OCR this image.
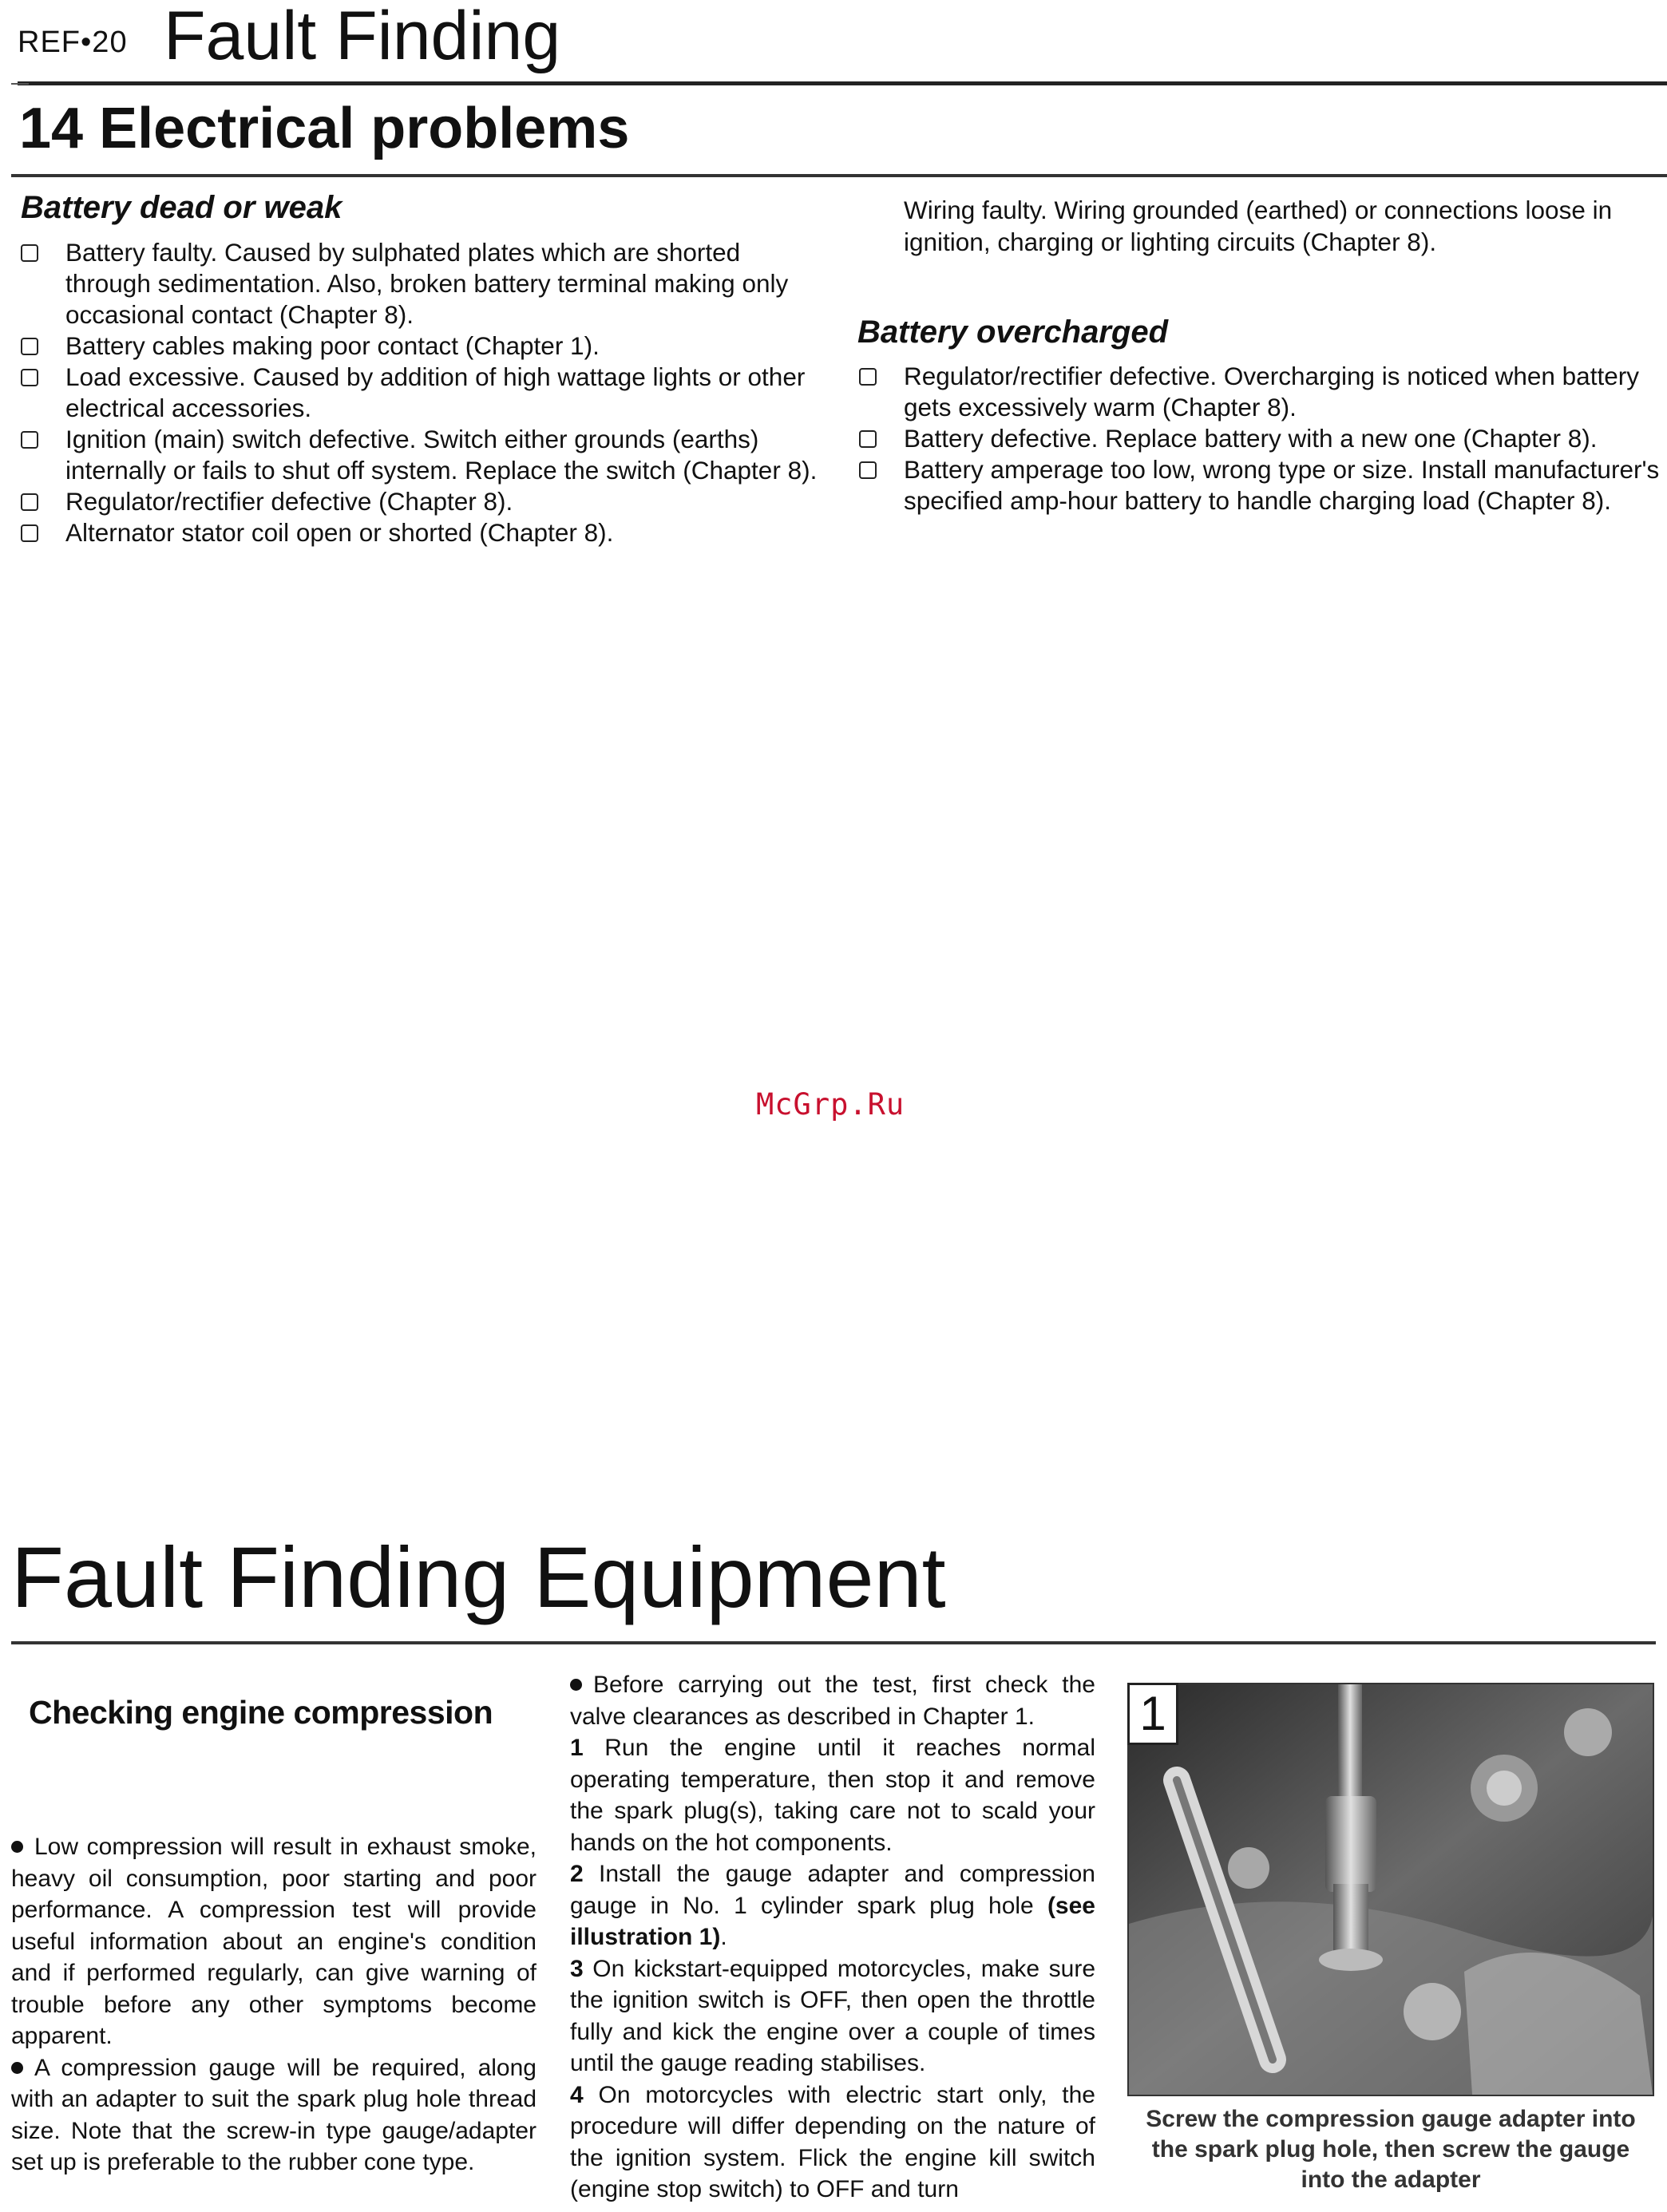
REF•20 Fault Finding
14 Electrical problems
Battery dead or weak
Battery faulty. Caused by sulphated plates which are shorted through sedimentation. Also, broken battery terminal making only occasional contact (Chapter 8).
Battery cables making poor contact (Chapter 1).
Load excessive. Caused by addition of high wattage lights or other electrical accessories.
Ignition (main) switch defective. Switch either grounds (earths) internally or fails to shut off system. Replace the switch (Chapter 8).
Regulator/rectifier defective (Chapter 8).
Alternator stator coil open or shorted (Chapter 8).
Wiring faulty. Wiring grounded (earthed) or connections loose in ignition, charging or lighting circuits (Chapter 8).
Battery overcharged
Regulator/rectifier defective. Overcharging is noticed when battery gets excessively warm (Chapter 8).
Battery defective. Replace battery with a new one (Chapter 8).
Battery amperage too low, wrong type or size. Install manufacturer's specified amp-hour battery to handle charging load (Chapter 8).
McGrp.Ru
Fault Finding Equipment
Checking engine compression

Low compression will result in exhaust smoke, heavy oil consumption, poor starting and poor performance. A compression test will provide useful information about an engine's condition and if performed regularly, can give warning of trouble before any other symptoms become apparent.

A compression gauge will be required, along with an adapter to suit the spark plug hole thread size. Note that the screw-in type gauge/adapter set up is preferable to the rubber cone type.

Before carrying out the test, first check the valve clearances as described in Chapter 1.

1 Run the engine until it reaches normal operating temperature, then stop it and remove the spark plug(s), taking care not to scald your hands on the hot components.

2 Install the gauge adapter and compression gauge in No. 1 cylinder spark plug hole (see illustration 1).

3 On kickstart-equipped motorcycles, make sure the ignition switch is OFF, then open the throttle fully and kick the engine over a couple of times until the gauge reading stabilises.

4 On motorcycles with electric start only, the procedure will differ depending on the nature of the ignition system. Flick the engine kill switch (engine stop switch) to OFF and turn

1
Screw the compression gauge adapter into the spark plug hole, then screw the gauge into the adapter
